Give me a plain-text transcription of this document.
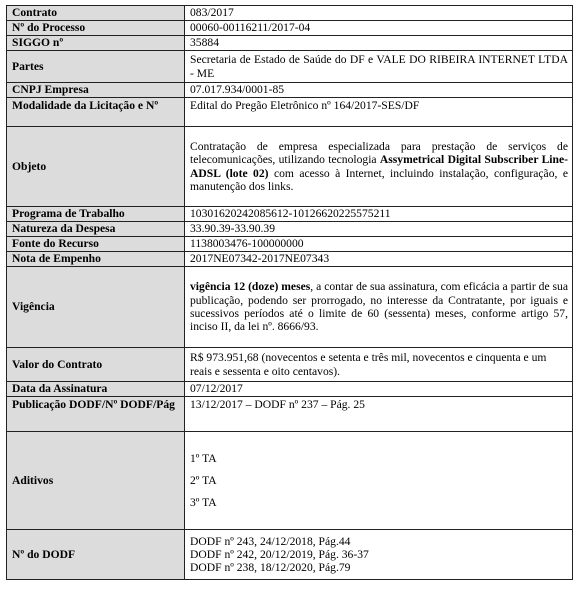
Contrato	083/2017
Nº do Processo	00060-00116211/2017-04
SIGGO nº	35884
Partes	Secretaria de Estado de Saúde do DF e VALE DO RIBEIRA INTERNET LTDA - ME
CNPJ Empresa	07.017.934/0001-85
Modalidade da Licitação e Nº	Edital do Pregão Eletrônico nº 164/2017-SES/DF
Objeto	Contratação de empresa especializada para prestação de serviços de telecomunicações, utilizando tecnologia Assymetrical Digital Subscriber Line- ADSL (lote 02) com acesso à Internet, incluindo instalação, configuração, e manutenção dos links.
Programa de Trabalho	10301620242085612-10126620225575211
Natureza da Despesa	33.90.39-33.90.39
Fonte do Recurso	1138003476-100000000
Nota de Empenho	2017NE07342-2017NE07343
Vigência	vigência 12 (doze) meses, a contar de sua assinatura, com eficácia a partir de sua publicação, podendo ser prorrogado, no interesse da Contratante, por iguais e sucessivos períodos até o limite de 60 (sessenta) meses, conforme artigo 57, inciso II, da lei nº. 8666/93.
Valor do Contrato	R$ 973.951,68 (novecentos e setenta e três mil, novecentos e cinquenta e um reais e sessenta e oito centavos).
Data da Assinatura	07/12/2017
Publicação DODF/Nº DODF/Pág	13/12/2017 – DODF nº 237 – Pág. 25
Aditivos	1º TA
2º TA
3º TA

Nº do DODF	DODF nº 243, 24/12/2018, Pág.44
DODF nº 242, 20/12/2019, Pág. 36-37
DODF nº 238, 18/12/2020, Pág.79
